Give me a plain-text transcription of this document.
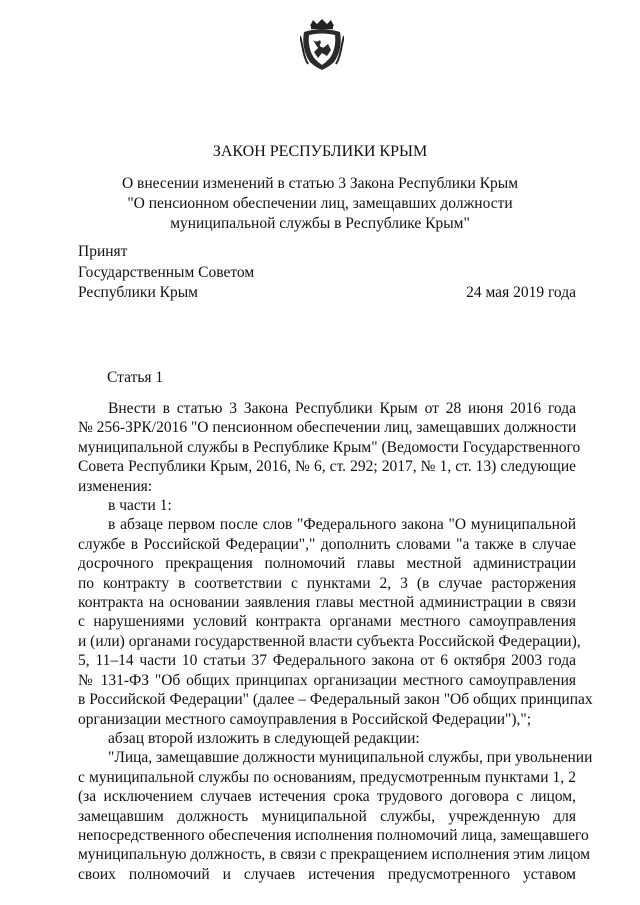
ЗАКОН РЕСПУБЛИКИ КРЫМ
О внесении изменений в статью 3 Закона Республики Крым
"О пенсионном обеспечении лиц, замещавших должности
муниципальной службы в Республике Крым"
Принят
Государственным Советом
Республики Крым	24 мая 2019 года
Статья 1
Внести в статью 3 Закона Республики Крым от 28 июня 2016 года
№ 256-ЗРК/2016 "О пенсионном обеспечении лиц, замещавших должности
муниципальной службы в Республике Крым" (Ведомости Государственного
Совета Республики Крым, 2016, № 6, ст. 292; 2017, № 1, ст. 13) следующие
изменения:
в части 1:
в абзаце первом после слов "Федерального закона "О муниципальной
службе в Российской Федерации"," дополнить словами "а также в случае
досрочного прекращения полномочий главы местной администрации
по контракту в соответствии с пунктами 2, 3 (в случае расторжения
контракта на основании заявления главы местной администрации в связи
с нарушениями условий контракта органами местного самоуправления
и (или) органами государственной власти субъекта Российской Федерации),
5, 11–14 части 10 статьи 37 Федерального закона от 6 октября 2003 года
№ 131-ФЗ "Об общих принципах организации местного самоуправления
в Российской Федерации" (далее – Федеральный закон "Об общих принципах
организации местного самоуправления в Российской Федерации"),";
абзац второй изложить в следующей редакции:
"Лица, замещавшие должности муниципальной службы, при увольнении
с муниципальной службы по основаниям, предусмотренным пунктами 1, 2
(за исключением случаев истечения срока трудового договора с лицом,
замещавшим должность муниципальной службы, учрежденную для
непосредственного обеспечения исполнения полномочий лица, замещавшего
муниципальную должность, в связи с прекращением исполнения этим лицом
своих полномочий и случаев истечения предусмотренного уставом
